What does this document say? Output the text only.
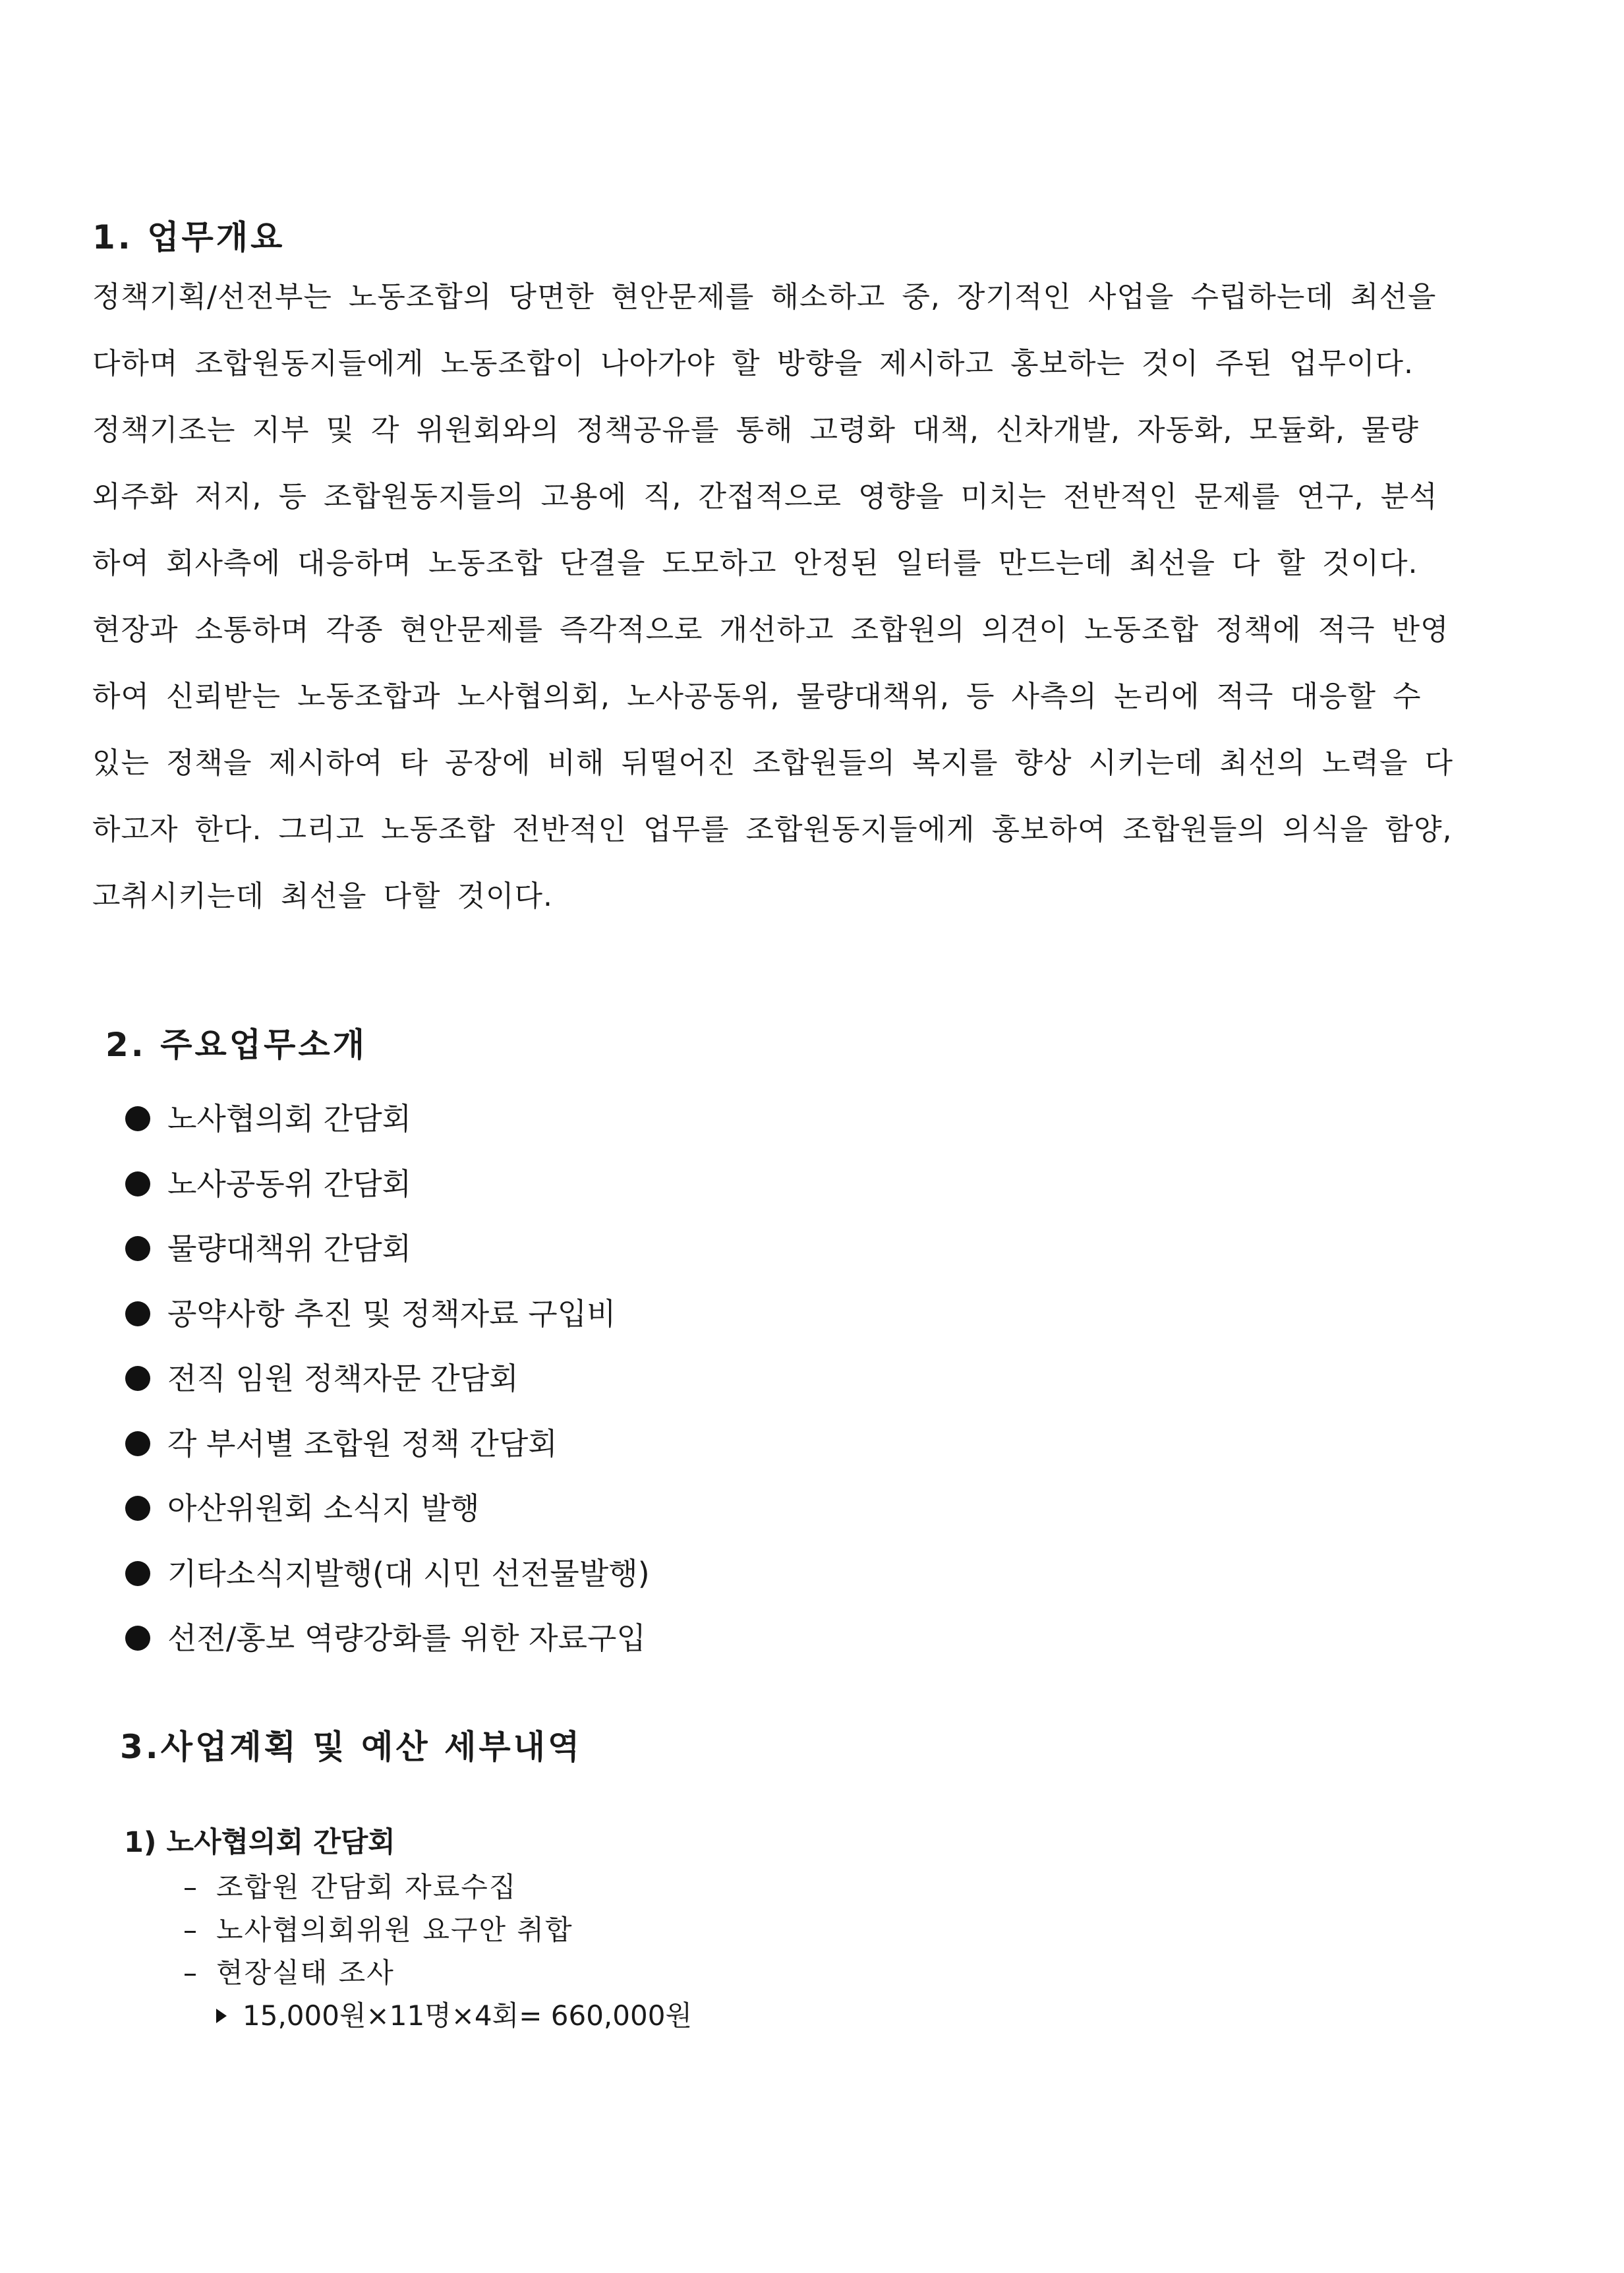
1. 업무개요
정책기획/선전부는 노동조합의 당면한 현안문제를 해소하고 중, 장기적인 사업을 수립하는데 최선을
다하며 조합원동지들에게 노동조합이 나아가야 할 방향을 제시하고 홍보하는 것이 주된 업무이다.
정책기조는 지부 및 각 위원회와의 정책공유를 통해 고령화 대책, 신차개발, 자동화, 모듈화, 물량
외주화 저지, 등 조합원동지들의 고용에 직, 간접적으로 영향을 미치는 전반적인 문제를 연구, 분석
하여 회사측에 대응하며 노동조합 단결을 도모하고 안정된 일터를 만드는데 최선을 다 할 것이다.
현장과 소통하며 각종 현안문제를 즉각적으로 개선하고 조합원의 의견이 노동조합 정책에 적극 반영
하여 신뢰받는 노동조합과 노사협의회, 노사공동위, 물량대책위, 등 사측의 논리에 적극 대응할 수
있는 정책을 제시하여 타 공장에 비해 뒤떨어진 조합원들의 복지를 향상 시키는데 최선의 노력을 다
하고자 한다. 그리고 노동조합 전반적인 업무를 조합원동지들에게 홍보하여 조합원들의 의식을 함양,
고취시키는데 최선을 다할 것이다.
2. 주요업무소개
노사협의회 간담회
노사공동위 간담회
물량대책위 간담회
공약사항 추진 및 정책자료 구입비
전직 임원 정책자문 간담회
각 부서별 조합원 정책 간담회
아산위원회 소식지 발행
기타소식지발행(대 시민 선전물발행)
선전/홍보 역량강화를 위한 자료구입
3.사업계획 및 예산 세부내역
1) 노사협의회 간담회
– 조합원 간담회 자료수집
– 노사협의회위원 요구안 취합
– 현장실태 조사
15,000원×11명×4회= 660,000원
